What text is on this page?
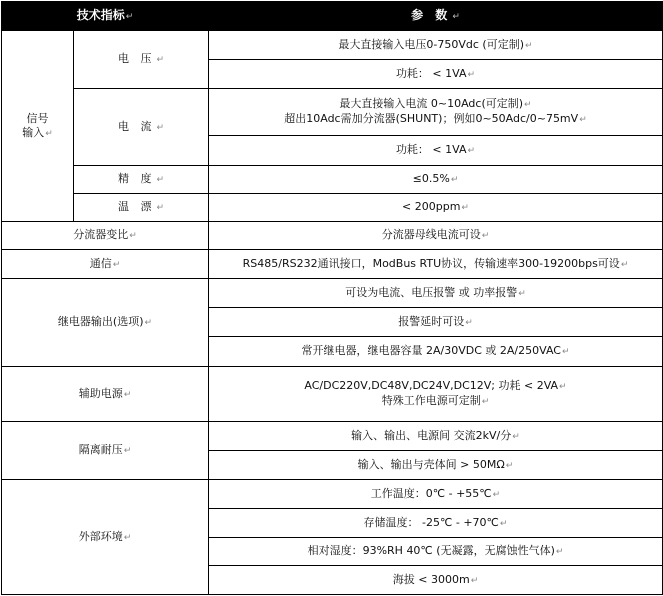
技术指标↵		参 数↵
信号
输入↵	电 压↵	最大直接输入电压0-750Vdc (可定制)↵
		功耗： < 1VA↵
	电 流↵	最大直接输入电流 0~10Adc(可定制)↵
超出10Adc需加分流器(SHUNT)；例如0~50Adc/0~75mV↵
		功耗： < 1VA↵
	精 度↵	≤0.5%↵
	温 漂↵	< 200ppm↵

分流器变比↵		分流器母线电流可设↵
通信↵		RS485/RS232通讯接口，ModBus RTU协议，传输速率300-19200bps可设↵
继电器输出(选项)↵		可设为电流、电压报警 或 功率报警↵
		报警延时可设↵
		常开继电器，继电器容量 2A/30VDC 或 2A/250VAC↵
辅助电源↵		AC/DC220V,DC48V,DC24V,DC12V; 功耗 < 2VA↵
特殊工作电源可定制↵
隔离耐压↵		输入、输出、电源间 交流2kV/分↵
		输入、输出与壳体间 > 50MΩ↵
外部环境↵		工作温度：0℃ - +55℃↵
		存储温度： -25℃ - +70℃↵
		相对湿度：93%RH 40℃ (无凝露，无腐蚀性气体)↵
		海拔 < 3000m↵
